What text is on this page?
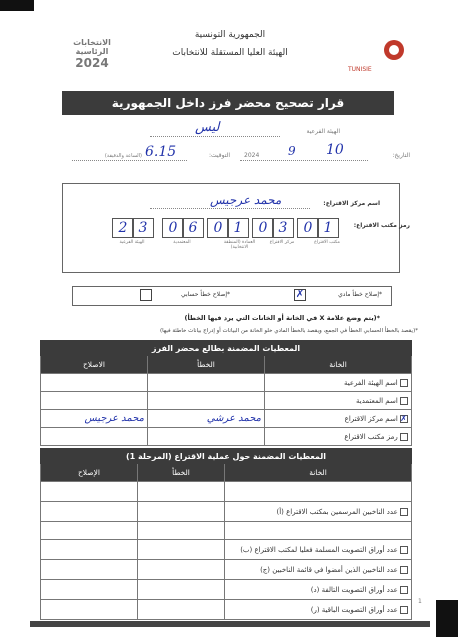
TUNISIE
الجمهورية التونسية
الهيئة العليا المستقلة للانتخابات
الانتخابات
الرئاسية
2024
قرار تصحيح محضر فرز داخل الجمهورية
الهيئة الفرعية
ليس
التاريخ:
10
9
2024
التوقيت:
6.15
(الساعة والدقيقة)
اسم مركز الاقتراع:
محمد عرجيس
رمز مكتب الاقتراع:
1
0
3
0
1
0
6
0
3
2
مكتب الاقتراع
مركز الاقتراع
العمادة (المنطقة الانتخابية)
المعتمدية
الهيئة الفرعية
*إصلاح خطأ مادي
✗
*إصلاح خطأ حسابي
*(يتم وضع علامة X في الخانة أو الخانات التي يرد فيها الخطأ)
*(يقصد بالخطأ الحسابي الخطأ في الجمع، ويقصد بالخطأ المادي خلو الخانة من البيانات أو إدراج بيانات خاطئة فيها)
المعطيات المضمنة بطالع محضر الفرز		
الخانة	الخطأ	الاصلاح
اسم الهيئة الفرعية		
اسم المعتمدية		
✗ اسم مركز الاقتراع	محمد عرشي	محمد عرجيس
رمز مكتب الاقتراع		
المعطيات المضمنة حول عملية الاقتراع (المرحلة 1)		
الخانة	الخطأ	الإصلاح

عدد الناخبين المرسمين بمكتب الاقتراع (أ)		

عدد أوراق التصويت المسلمة فعليا لمكتب الاقتراع (ب)		
عدد الناخبين الذين أمضوا في قائمة الناخبين (ج)		
عدد أوراق التصويت التالفة (د)		
عدد أوراق التصويت الباقية (ر)		
1
